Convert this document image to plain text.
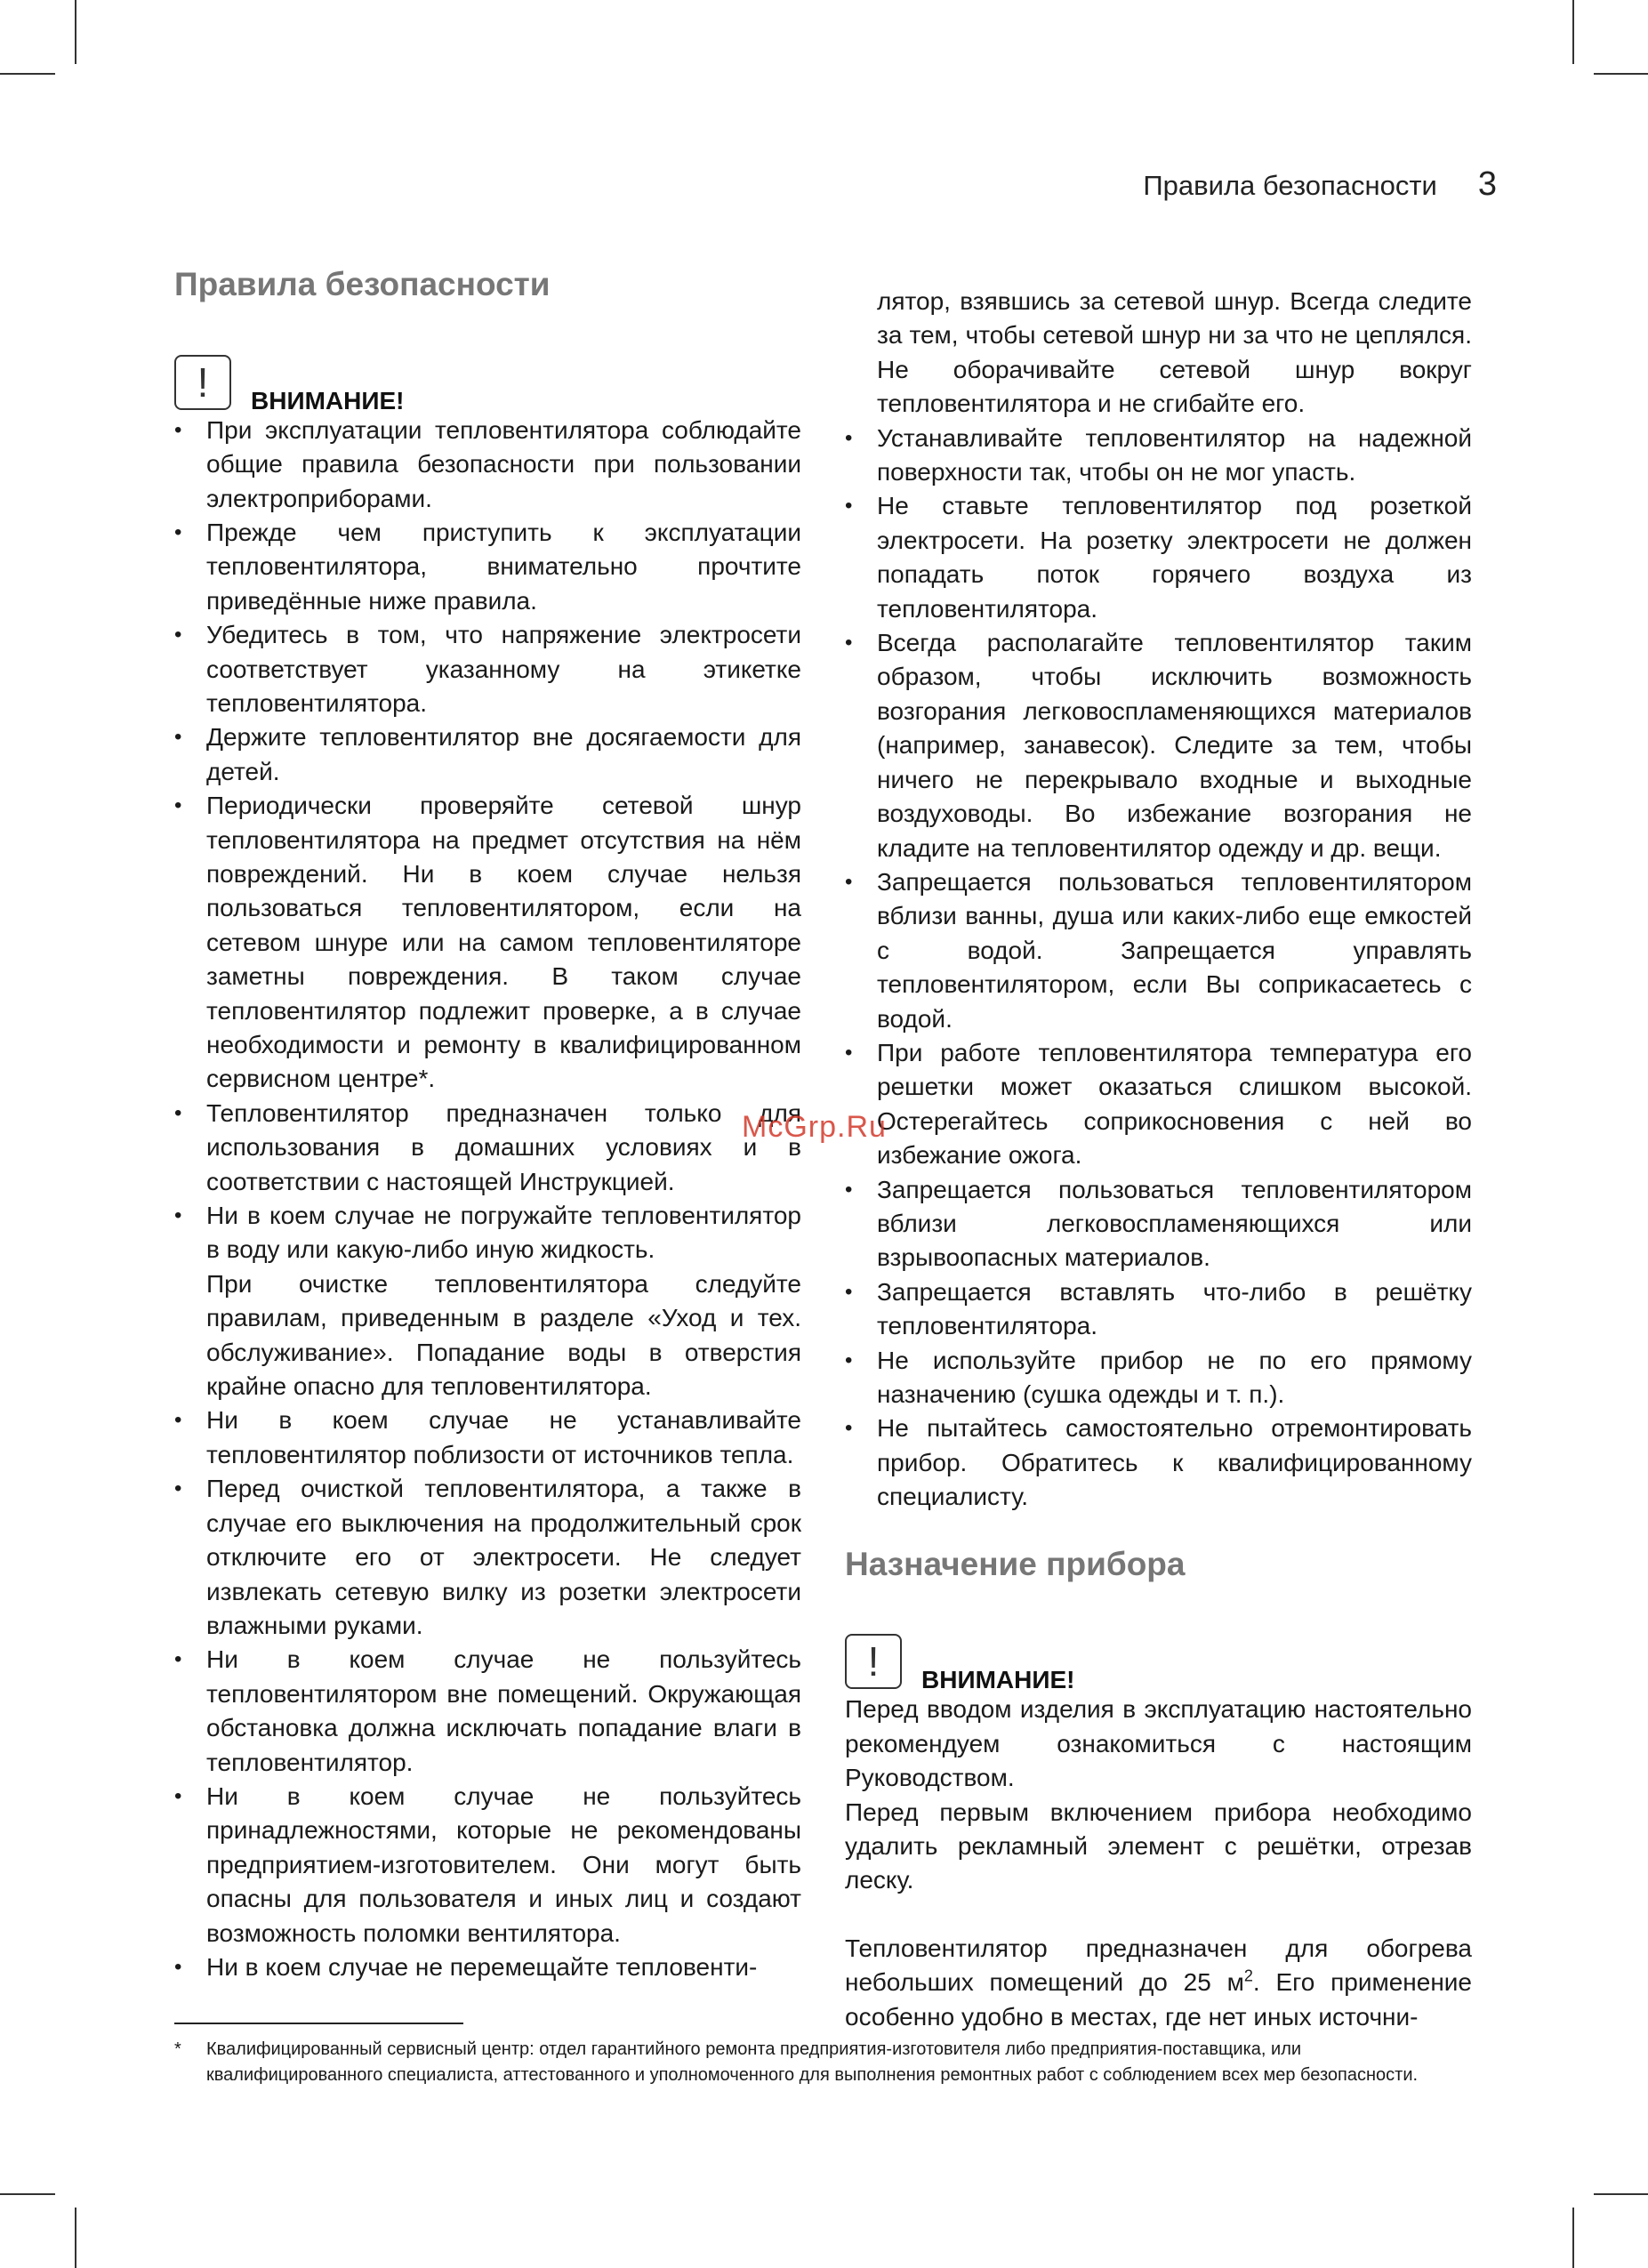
Правила безопасности 3
Правила безопасности
!	ВНИМАНИЕ!
• При эксплуатации тепловентилятора соблюдайте общие правила безопасности при пользовании электроприборами.
• Прежде чем приступить к эксплуатации тепловентилятора, внимательно прочтите приведённые ниже правила.
• Убедитесь в том, что напряжение электросети соответствует указанному на этикетке тепловентилятора.
• Держите тепловентилятор вне досягаемости для детей.
• Периодически проверяйте сетевой шнур тепловентилятора на предмет отсутствия на нём повреждений. Ни в коем случае нельзя пользоваться тепловентилятором, если на сетевом шнуре или на самом тепловентиляторе заметны повреждения. В таком случае тепловентилятор подлежит проверке, а в случае необходимости и ремонту в квалифицированном сервисном центре*.
• Тепловентилятор предназначен только для использования в домашних условиях и в соответствии с настоящей Инструкцией.
• Ни в коем случае не погружайте тепловентилятор в воду или какую-либо иную жидкость.
При очистке тепловентилятора следуйте правилам, приведенным в разделе «Уход и тех. обслуживание». Попадание воды в отверстия крайне опасно для тепловентилятора.
• Ни в коем случае не устанавливайте тепловентилятор поблизости от источников тепла.
• Перед очисткой тепловентилятора, а также в случае его выключения на продолжительный срок отключите его от электросети. Не следует извлекать сетевую вилку из розетки электросети влажными руками.
• Ни в коем случае не пользуйтесь тепловентилятором вне помещений. Окружающая обстановка должна исключать попадание влаги в тепловентилятор.
• Ни в коем случае не пользуйтесь принадлежностями, которые не рекомендованы предприятием-изготовителем. Они могут быть опасны для пользователя и иных лиц и создают возможность поломки вентилятора.
• Ни в коем случае не перемещайте тепловенти-

лятор, взявшись за сетевой шнур. Всегда следите за тем, чтобы сетевой шнур ни за что не цеплялся. Не оборачивайте сетевой шнур вокруг тепловентилятора и не сгибайте его.

• Устанавливайте тепловентилятор на надежной поверхности так, чтобы он не мог упасть.
• Не ставьте тепловентилятор под розеткой электросети. На розетку электросети не должен попадать поток горячего воздуха из тепловентилятора.
• Всегда располагайте тепловентилятор таким образом, чтобы исключить возможность возгорания легковоспламеняющихся материалов (например, занавесок). Следите за тем, чтобы ничего не перекрывало входные и выходные воздуховоды. Во избежание возгорания не кладите на тепловентилятор одежду и др. вещи.
• Запрещается пользоваться тепловентилятором вблизи ванны, душа или каких-либо еще емкостей с водой. Запрещается управлять тепловентилятором, если Вы соприкасаетесь с водой.
• При работе тепловентилятора температура его решетки может оказаться слишком высокой. Остерегайтесь соприкосновения с ней во избежание ожога.
• Запрещается пользоваться тепловентилятором вблизи легковоспламеняющихся или взрывоопасных материалов.
• Запрещается вставлять что-либо в решётку тепловентилятора.
• Не используйте прибор не по его прямому назначению (сушка одежды и т. п.).
• Не пытайтесь самостоятельно отремонтировать прибор. Обратитесь к квалифицированному специалисту.
Назначение прибора
!	ВНИМАНИЕ!

Перед вводом изделия в эксплуатацию настоятельно рекомендуем ознакомиться с настоящим Руководством.

Перед первым включением прибора необходимо удалить рекламный элемент с решётки, отрезав леску.

Тепловентилятор предназначен для обогрева небольших помещений до 25 $м^2$. Его применение особенно удобно в местах, где нет иных источни-

McGrp.Ru
*	Квалифицированный сервисный центр: отдел гарантийного ремонта предприятия-изготовителя либо предприятия-поставщика, или квалифицированного специалиста, аттестованного и уполномоченного для выполнения ремонтных работ с соблюдением всех мер безопасности.
